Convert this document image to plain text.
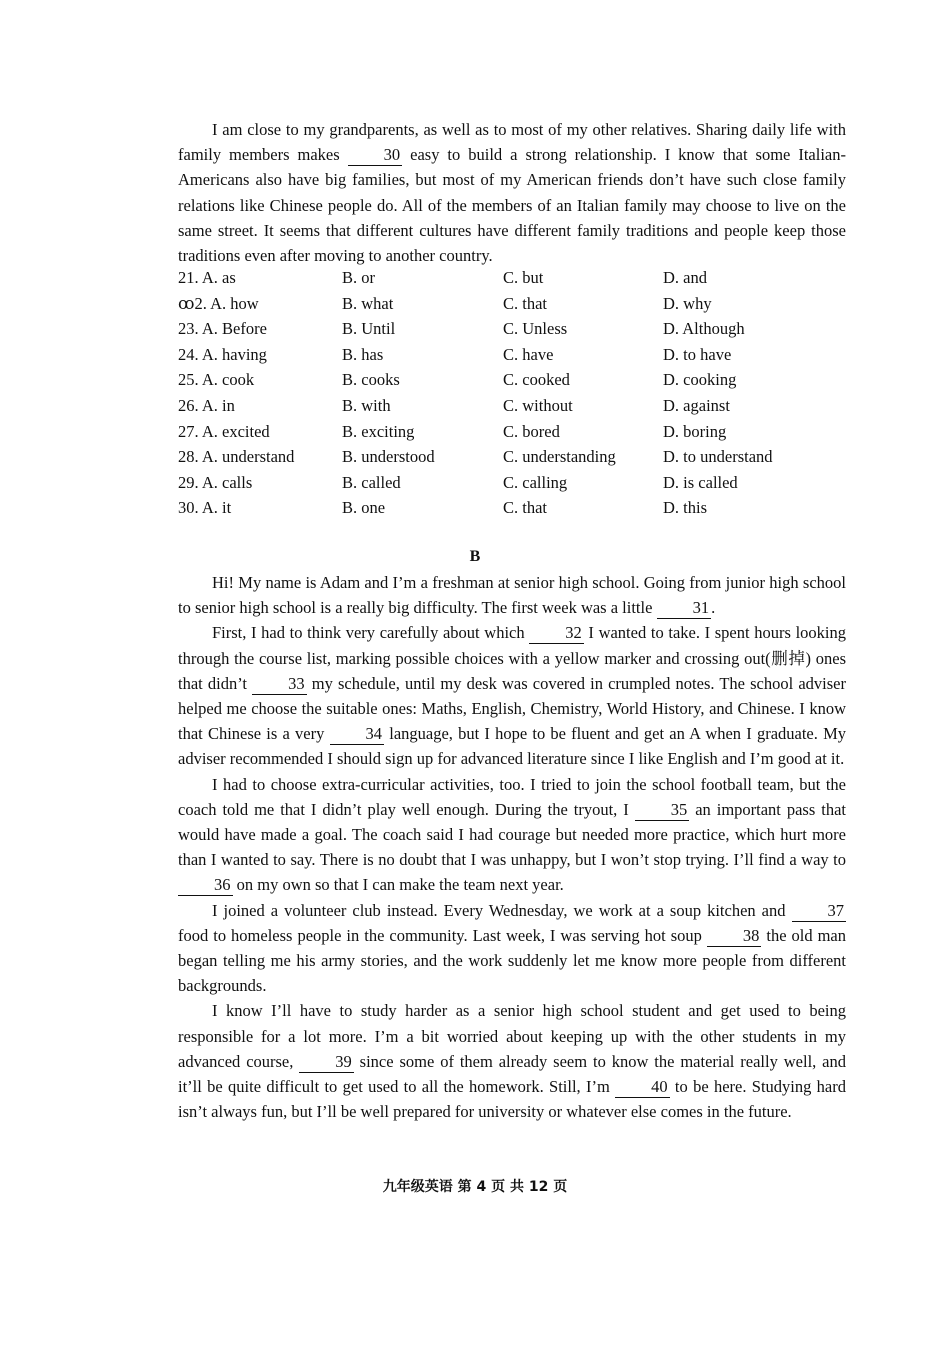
I am close to my grandparents, as well as to most of my other relatives. Sharing daily life with family members makes 30 easy to build a strong relationship. I know that some Italian-Americans also have big families, but most of my American friends don’t have such close family relations like Chinese people do. All of the members of an Italian family may choose to live on the same street. It seems that different cultures have different family traditions and people keep those traditions even after moving to another country.

21. A. as	B. or	C. but	D. and
ꝏ2. A. how	B. what	C. that	D. why
23. A. Before	B. Until	C. Unless	D. Although
24. A. having	B. has	C. have	D. to have
25. A. cook	B. cooks	C. cooked	D. cooking
26. A. in	B. with	C. without	D. against
27. A. excited	B. exciting	C. bored	D. boring
28. A. understand	B. understood	C. understanding	D. to understand
29. A. calls	B. called	C. calling	D. is called
30. A. it	B. one	C. that	D. this
B

Hi! My name is Adam and I’m a freshman at senior high school. Going from junior high school to senior high school is a really big difficulty. The first week was a little 31 .

First, I had to think very carefully about which 32 I wanted to take. I spent hours looking through the course list, marking possible choices with a yellow marker and crossing out(删掉) ones that didn’t 33 my schedule, until my desk was covered in crumpled notes. The school adviser helped me choose the suitable ones: Maths, English, Chemistry, World History, and Chinese. I know that Chinese is a very 34 language, but I hope to be fluent and get an A when I graduate. My adviser recommended I should sign up for advanced literature since I like English and I’m good at it.

I had to choose extra-curricular activities, too. I tried to join the school football team, but the coach told me that I didn’t play well enough. During the tryout, I 35 an important pass that would have made a goal. The coach said I had courage but needed more practice, which hurt more than I wanted to say. There is no doubt that I was unhappy, but I won’t stop trying. I’ll find a way to 36 on my own so that I can make the team next year.

I joined a volunteer club instead. Every Wednesday, we work at a soup kitchen and 37 food to homeless people in the community. Last week, I was serving hot soup 38 the old man began telling me his army stories, and the work suddenly let me know more people from different backgrounds.

I know I’ll have to study harder as a senior high school student and get used to being responsible for a lot more. I’m a bit worried about keeping up with the other students in my advanced course, 39 since some of them already seem to know the material really well, and it’ll be quite difficult to get used to all the homework. Still, I’m 40 to be here. Studying hard isn’t always fun, but I’ll be well prepared for university or whatever else comes in the future.

九年级英语 第 4 页 共 12 页
